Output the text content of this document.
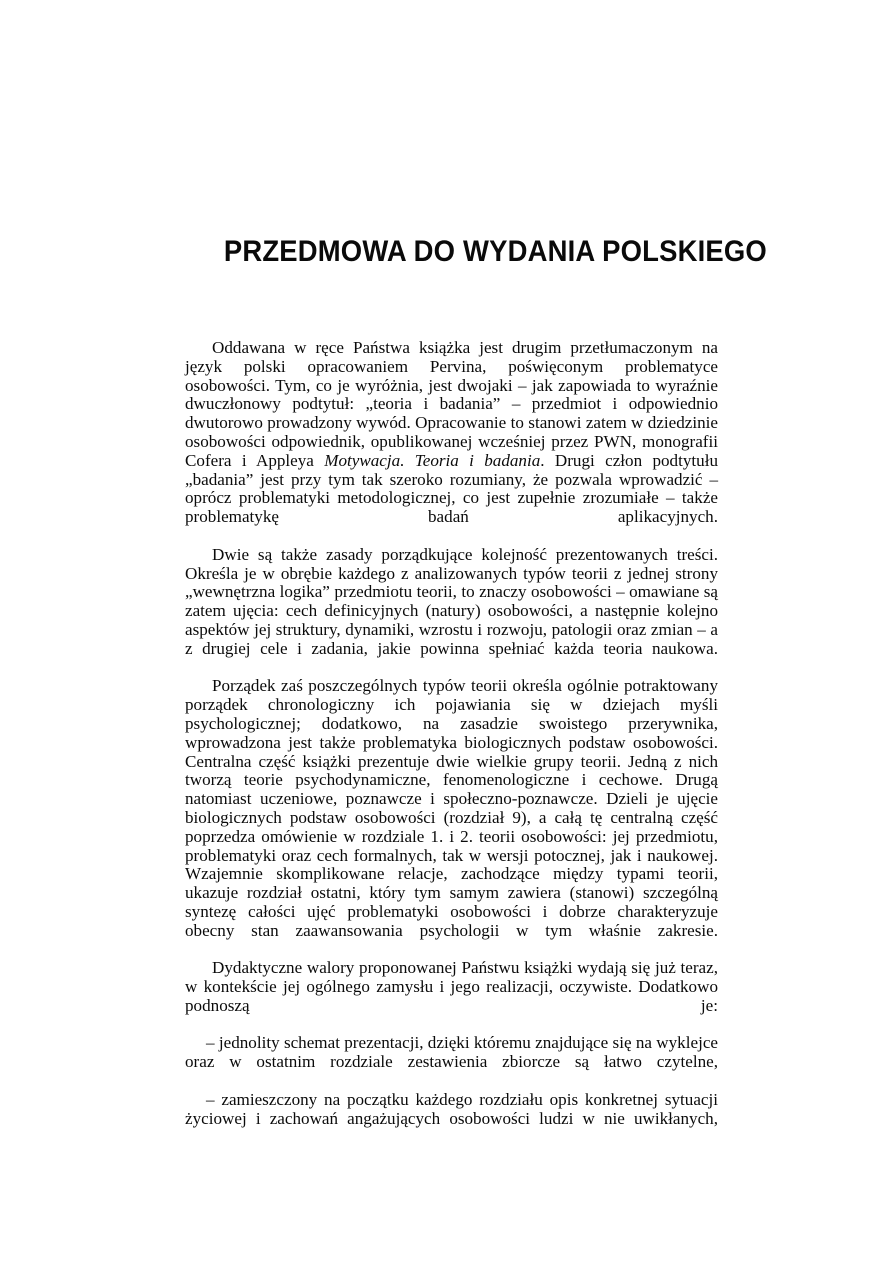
PRZEDMOWA DO WYDANIA POLSKIEGO

Oddawana w ręce Państwa książka jest drugim przetłumaczonym na język polski opracowaniem Pervina, poświęconym problematyce osobowości. Tym, co je wyróżnia, jest dwojaki – jak zapowiada to wyraźnie dwuczłonowy podtytuł: „teoria i badania” – przedmiot i odpowiednio dwutorowo prowadzony wywód. Opracowanie to stanowi zatem w dziedzinie osobowości odpowiednik, opublikowanej wcześniej przez PWN, monografii Cofera i Appleya Motywacja. Teoria i badania. Drugi człon podtytułu „badania” jest przy tym tak szeroko rozumiany, że pozwala wprowadzić – oprócz problematyki metodologicznej, co jest zupełnie zrozumiałe – także problematykę badań aplikacyjnych.

Dwie są także zasady porządkujące kolejność prezentowanych treści. Określa je w obrębie każdego z analizowanych typów teorii z jednej strony „wewnętrzna logika” przedmiotu teorii, to znaczy osobowości – omawiane są zatem ujęcia: cech definicyjnych (natury) osobowości, a następnie kolejno aspektów jej struktury, dynamiki, wzrostu i rozwoju, patologii oraz zmian – a z drugiej cele i zadania, jakie powinna spełniać każda teoria naukowa.

Porządek zaś poszczególnych typów teorii określa ogólnie potraktowany porządek chronologiczny ich pojawiania się w dziejach myśli psychologicznej; dodatkowo, na zasadzie swoistego przerywnika, wprowadzona jest także problematyka biologicznych podstaw osobowości. Centralna część książki prezentuje dwie wielkie grupy teorii. Jedną z nich tworzą teorie psychodynamiczne, fenomenologiczne i cechowe. Drugą natomiast uczeniowe, poznawcze i społeczno-poznawcze. Dzieli je ujęcie biologicznych podstaw osobowości (rozdział 9), a całą tę centralną część poprzedza omówienie w rozdziale 1. i 2. teorii osobowości: jej przedmiotu, problematyki oraz cech formalnych, tak w wersji potocznej, jak i naukowej. Wzajemnie skomplikowane relacje, zachodzące między typami teorii, ukazuje rozdział ostatni, który tym samym zawiera (stanowi) szczególną syntezę całości ujęć problematyki osobowości i dobrze charakteryzuje obecny stan zaawansowania psychologii w tym właśnie zakresie.

Dydaktyczne walory proponowanej Państwu książki wydają się już teraz, w kontekście jej ogólnego zamysłu i jego realizacji, oczywiste. Dodatkowo podnoszą je:

– jednolity schemat prezentacji, dzięki któremu znajdujące się na wyklejce oraz w ostatnim rozdziale zestawienia zbiorcze są łatwo czytelne,

– zamieszczony na początku każdego rozdziału opis konkretnej sytuacji życiowej i zachowań angażujących osobowości ludzi w nie uwikłanych,
